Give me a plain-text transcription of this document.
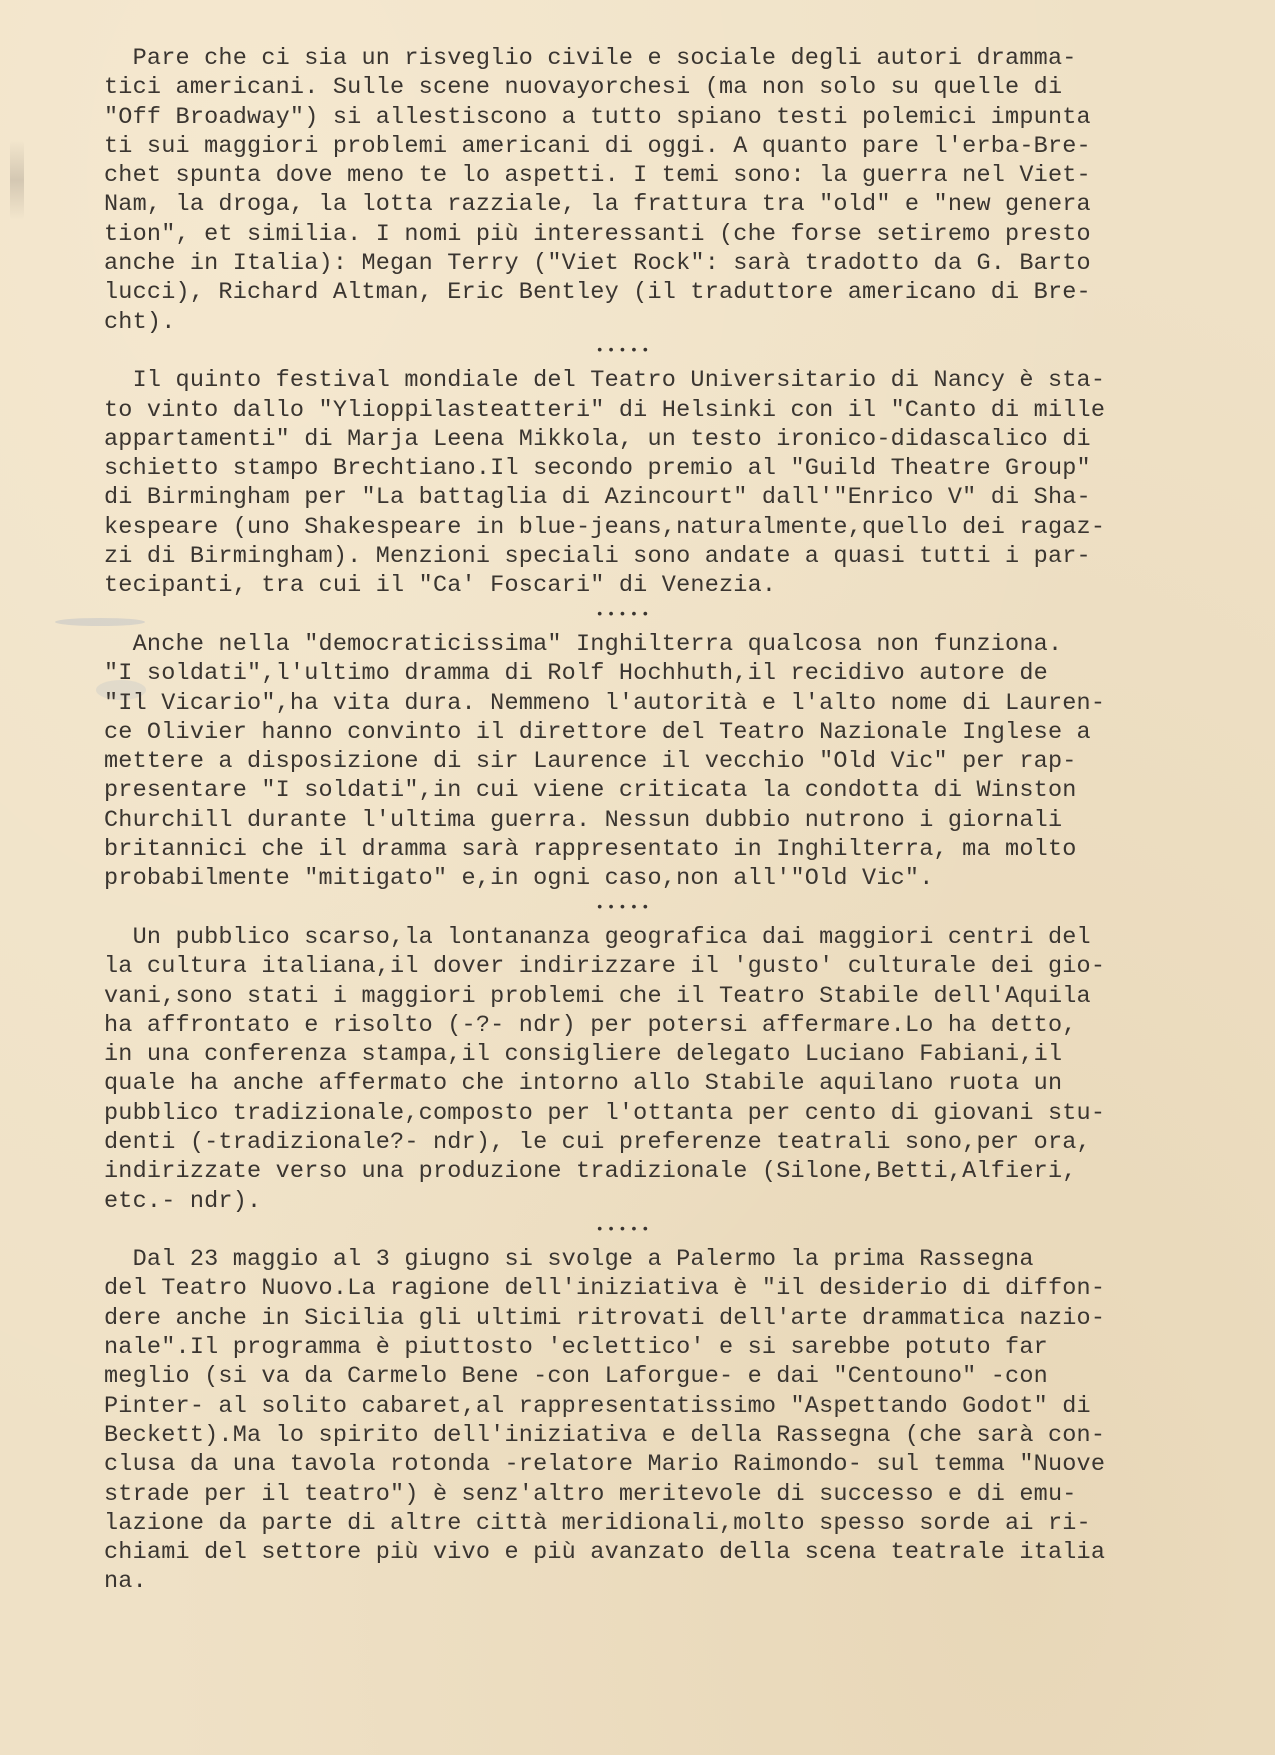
Pare che ci sia un risveglio civile e sociale degli autori dramma-
tici americani. Sulle scene nuovayorchesi (ma non solo su quelle di
"Off Broadway") si allestiscono a tutto spiano testi polemici impunta
ti sui maggiori problemi americani di oggi. A quanto pare l'erba-Bre-
chet spunta dove meno te lo aspetti. I temi sono: la guerra nel Viet-
Nam, la droga, la lotta razziale, la frattura tra "old" e "new genera
tion", et similia. I nomi più interessanti (che forse setiremo presto
anche in Italia): Megan Terry ("Viet Rock": sarà tradotto da G. Barto
lucci), Richard Altman, Eric Bentley (il traduttore americano di Bre-
cht).
•••••
Il quinto festival mondiale del Teatro Universitario di Nancy è sta-
to vinto dallo "Ylioppilasteatteri" di Helsinki con il "Canto di mille
appartamenti" di Marja Leena Mikkola, un testo ironico-didascalico di
schietto stampo Brechtiano.Il secondo premio al "Guild Theatre Group"
di Birmingham per "La battaglia di Azincourt" dall'"Enrico V" di Sha-
kespeare (uno Shakespeare in blue-jeans,naturalmente,quello dei ragaz-
zi di Birmingham). Menzioni speciali sono andate a quasi tutti i par-
tecipanti, tra cui il "Ca' Foscari" di Venezia.
•••••
Anche nella "democraticissima" Inghilterra qualcosa non funziona.
"I soldati",l'ultimo dramma di Rolf Hochhuth,il recidivo autore de
"Il Vicario",ha vita dura. Nemmeno l'autorità e l'alto nome di Lauren-
ce Olivier hanno convinto il direttore del Teatro Nazionale Inglese a
mettere a disposizione di sir Laurence il vecchio "Old Vic" per rap-
presentare "I soldati",in cui viene criticata la condotta di Winston
Churchill durante l'ultima guerra. Nessun dubbio nutrono i giornali
britannici che il dramma sarà rappresentato in Inghilterra, ma molto
probabilmente "mitigato" e,in ogni caso,non all'"Old Vic".
•••••
Un pubblico scarso,la lontananza geografica dai maggiori centri del
la cultura italiana,il dover indirizzare il 'gusto' culturale dei gio-
vani,sono stati i maggiori problemi che il Teatro Stabile dell'Aquila
ha affrontato e risolto (-?- ndr) per potersi affermare.Lo ha detto,
in una conferenza stampa,il consigliere delegato Luciano Fabiani,il
quale ha anche affermato che intorno allo Stabile aquilano ruota un
pubblico tradizionale,composto per l'ottanta per cento di giovani stu-
denti (-tradizionale?- ndr), le cui preferenze teatrali sono,per ora,
indirizzate verso una produzione tradizionale (Silone,Betti,Alfieri,
etc.- ndr).
•••••
Dal 23 maggio al 3 giugno si svolge a Palermo la prima Rassegna
del Teatro Nuovo.La ragione dell'iniziativa è "il desiderio di diffon-
dere anche in Sicilia gli ultimi ritrovati dell'arte drammatica nazio-
nale".Il programma è piuttosto 'eclettico' e si sarebbe potuto far
meglio (si va da Carmelo Bene -con Laforgue- e dai "Centouno" -con
Pinter- al solito cabaret,al rappresentatissimo "Aspettando Godot" di
Beckett).Ma lo spirito dell'iniziativa e della Rassegna (che sarà con-
clusa da una tavola rotonda -relatore Mario Raimondo- sul temma "Nuove
strade per il teatro") è senz'altro meritevole di successo e di emu-
lazione da parte di altre città meridionali,molto spesso sorde ai ri-
chiami del settore più vivo e più avanzato della scena teatrale italia
na.
